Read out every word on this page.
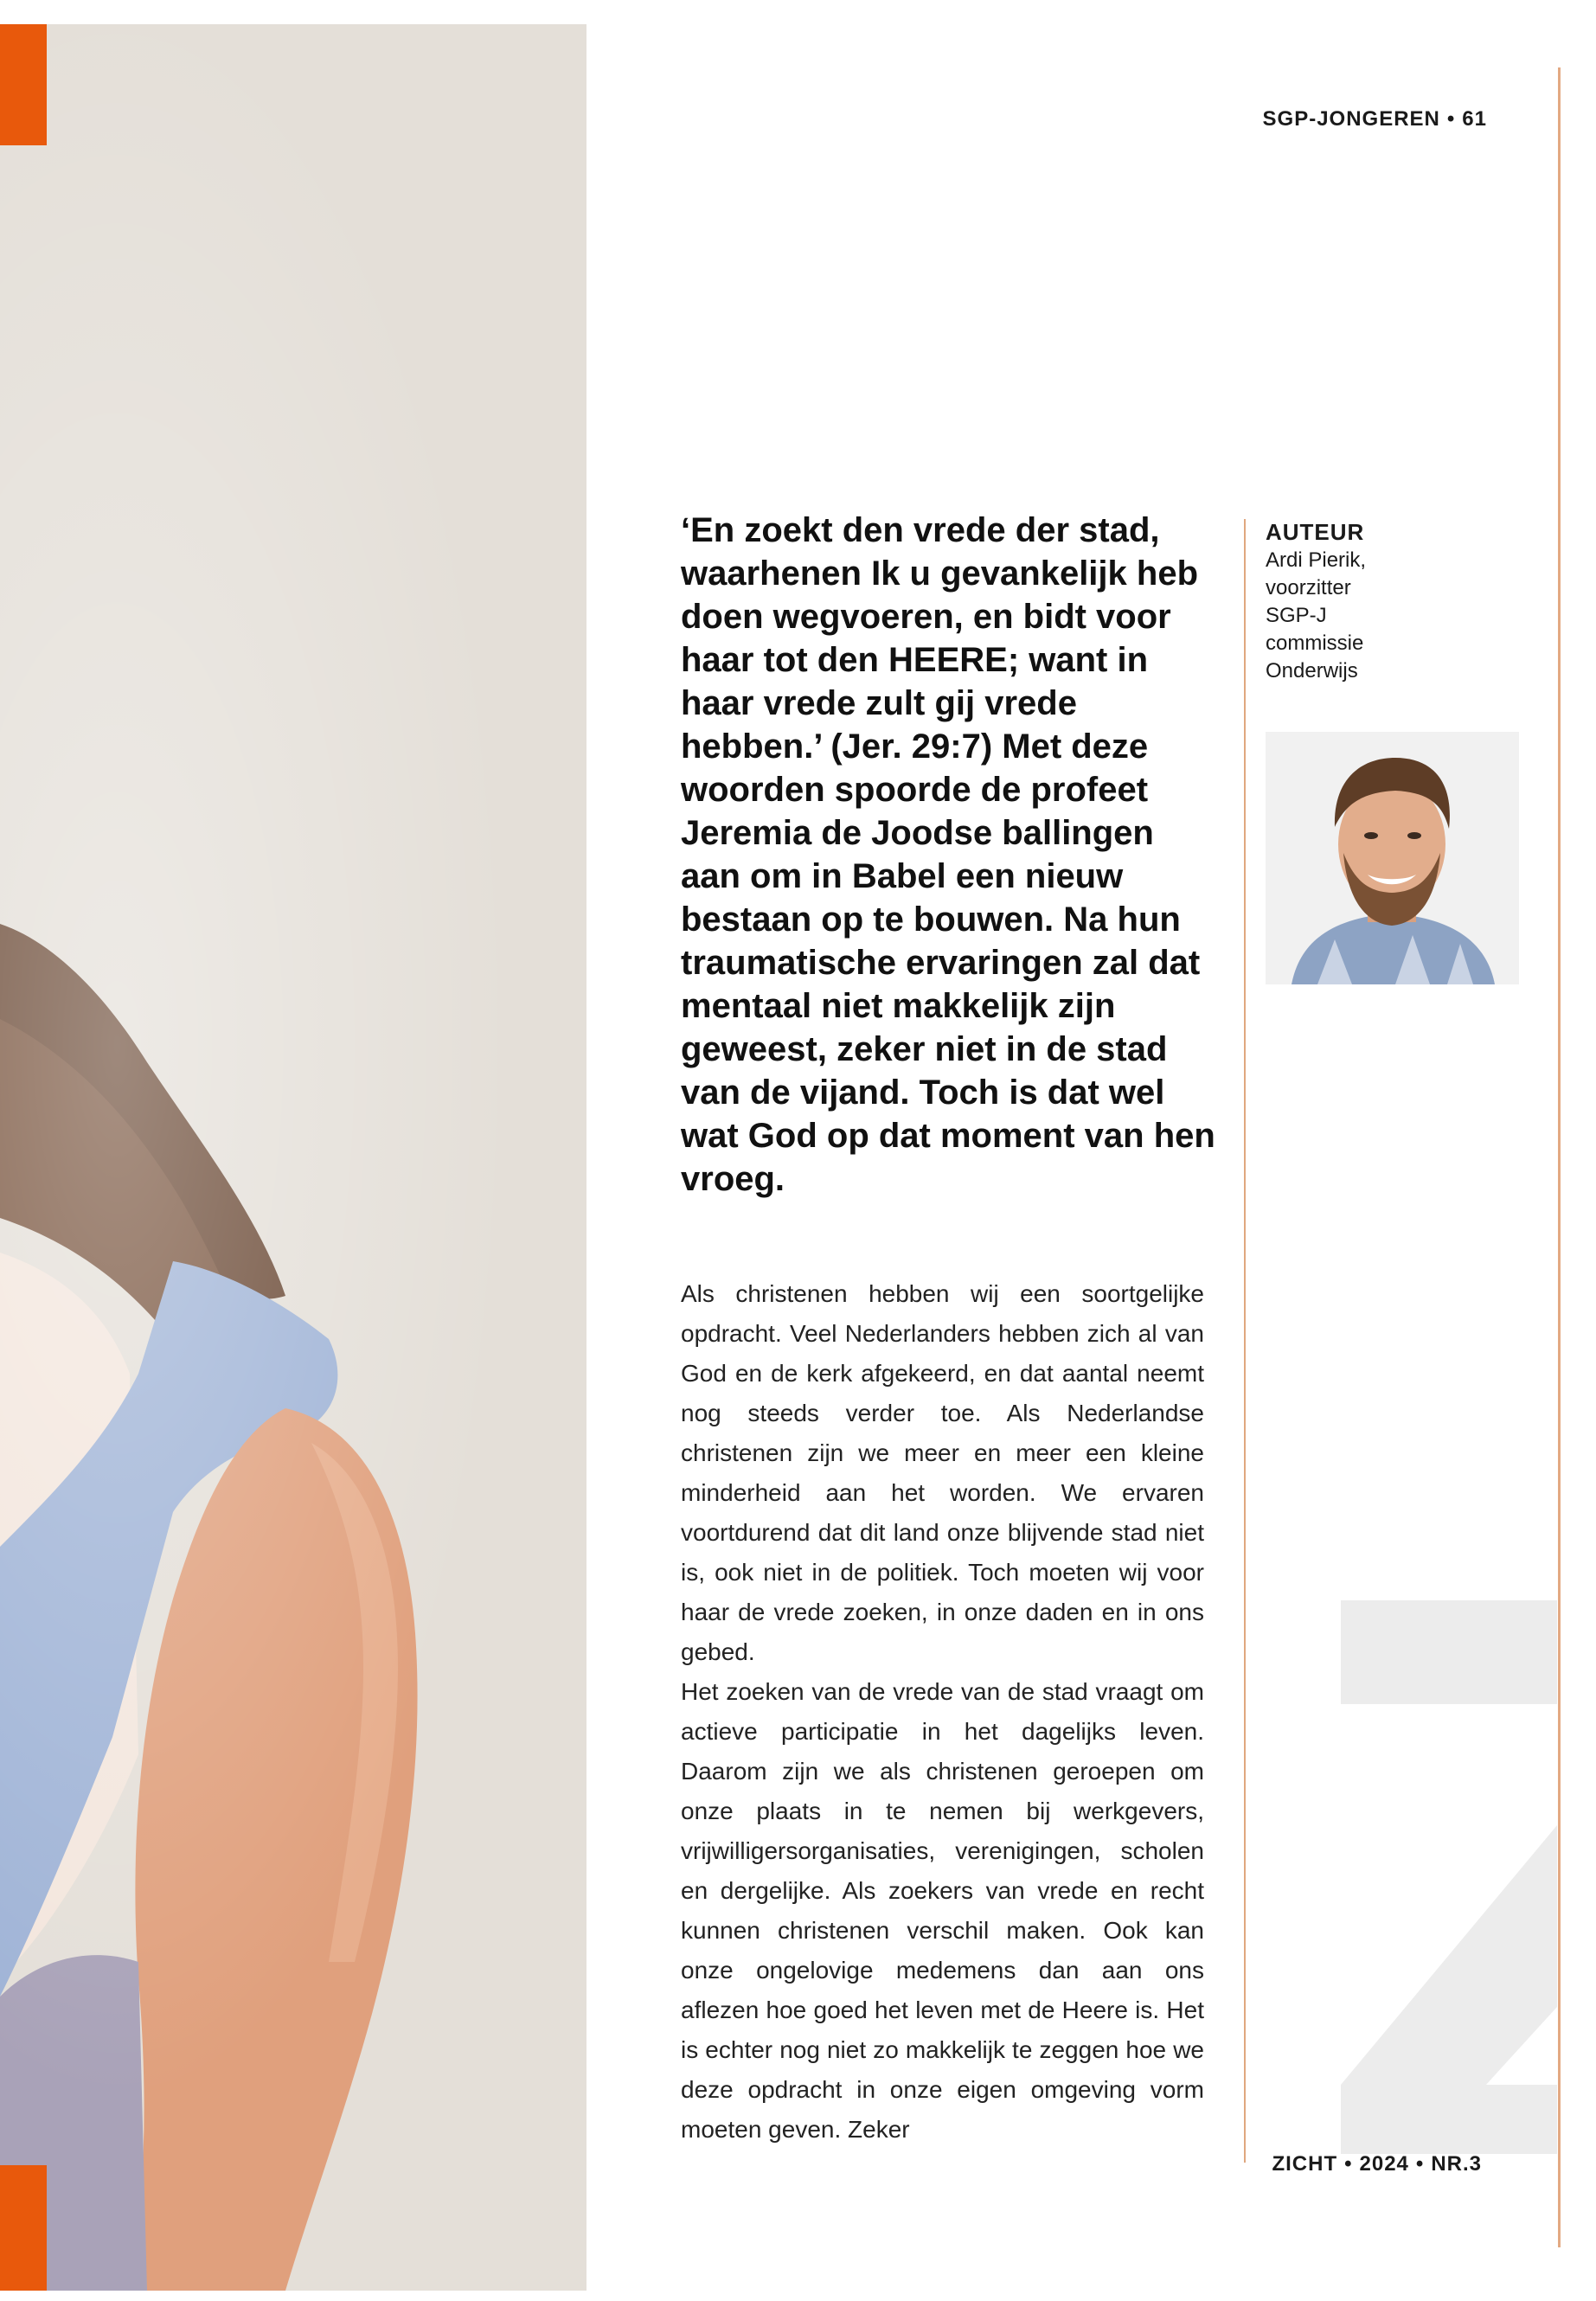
SGP-JONGEREN • 61
‘En zoekt den vrede der stad, waarhenen Ik u gevankelijk heb doen wegvoeren, en bidt voor haar tot den HEERE; want in haar vrede zult gij vrede hebben.’ (Jer. 29:7) Met deze woorden spoorde de profeet Jeremia de Joodse ballingen aan om in Babel een nieuw bestaan op te bouwen. Na hun traumatische ervaringen zal dat mentaal niet makkelijk zijn geweest, zeker niet in de stad van de vijand. Toch is dat wel wat God op dat moment van hen vroeg.
AUTEUR
Ardi Pierik,
voorzitter
SGP-J
commissie
Onderwijs

Als christenen hebben wij een soortgelijke opdracht. Veel Nederlanders hebben zich al van God en de kerk afgekeerd, en dat aantal neemt nog steeds verder toe. Als Nederlandse christenen zijn we meer en meer een kleine minderheid aan het worden. We ervaren voortdurend dat dit land onze blijvende stad niet is, ook niet in de politiek. Toch moeten wij voor haar de vrede zoeken, in onze daden en in ons gebed.

Het zoeken van de vrede van de stad vraagt om actieve participatie in het dagelijks leven. Daarom zijn we als christenen geroepen om onze plaats in te nemen bij werkgevers, vrijwilligersorganisaties, verenigingen, scholen en dergelijke. Als zoekers van vrede en recht kunnen christenen verschil maken. Ook kan onze ongelovige medemens dan aan ons aflezen hoe goed het leven met de Heere is. Het is echter nog niet zo makkelijk te zeggen hoe we deze opdracht in onze eigen omgeving vorm moeten geven. Zeker

ZICHT • 2024 • NR.3
